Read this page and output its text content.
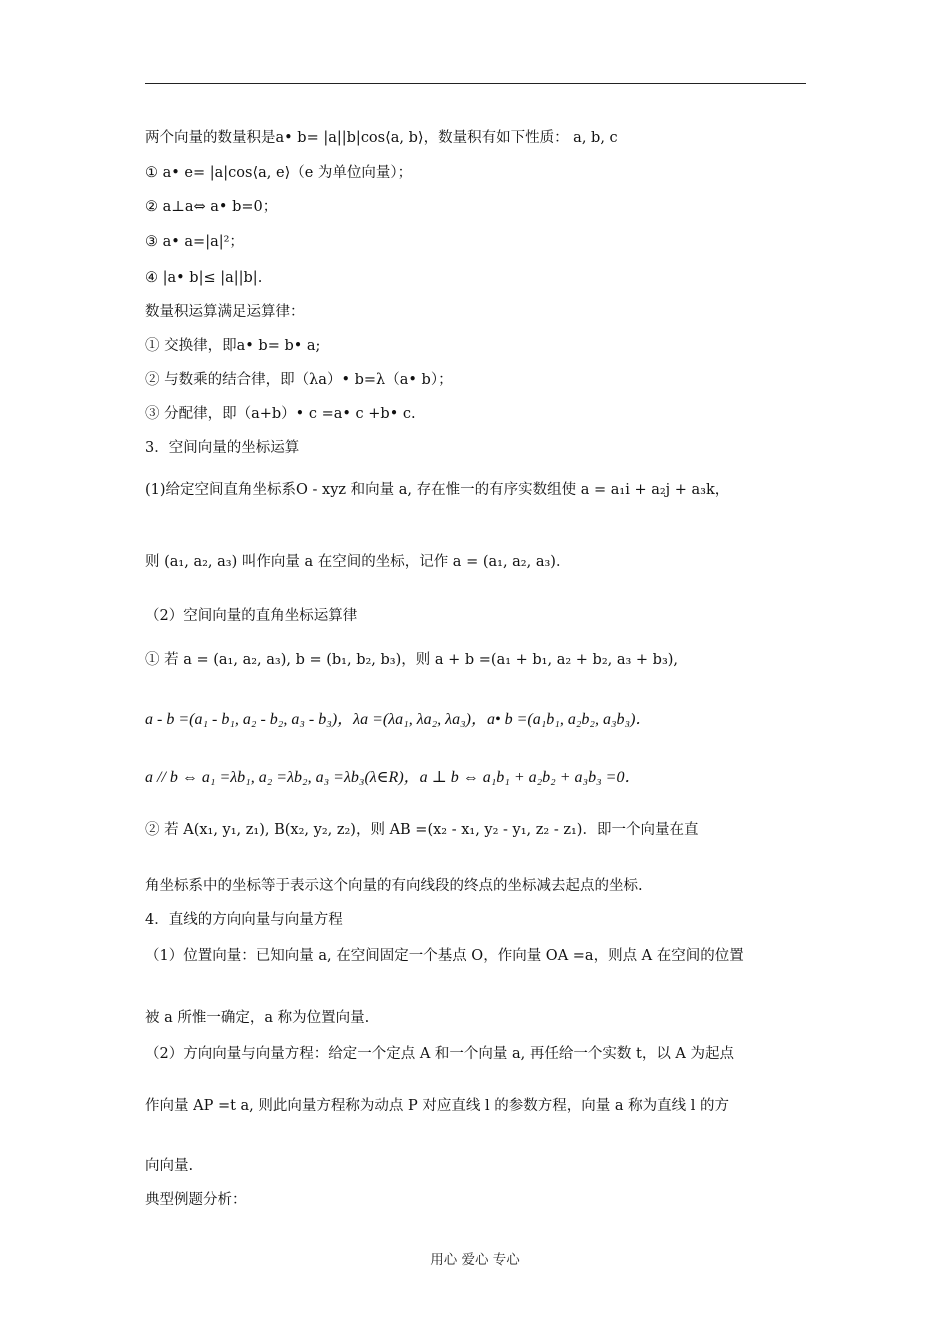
两个向量的数量积是a• b= |a||b|cos⟨a, b⟩，数量积有如下性质： a, b, c
① a• e= |a|cos⟨a, e⟩（e 为单位向量）；
② a⊥a⇔ a• b=0；
③ a• a=|a|²；
④ |a• b|≤ |a||b|.
数量积运算满足运算律：
① 交换律，即a• b= b• a;
② 与数乘的结合律，即（λa）• b=λ（a• b）；
③ 分配律，即（a+b）• c =a• c +b• c.
3．空间向量的坐标运算
(1)给定空间直角坐标系O - xyz 和向量 a, 存在惟一的有序实数组使 a = a₁i + a₂j + a₃k，
则 (a₁, a₂, a₃) 叫作向量 a 在空间的坐标，记作 a = (a₁, a₂, a₃)．
（2）空间向量的直角坐标运算律
① 若 a = (a₁, a₂, a₃), b = (b₁, b₂, b₃)，则 a + b =(a₁ + b₁, a₂ + b₂, a₃ + b₃),
a - b =(a₁ - b₁, a₂ - b₂, a₃ - b₃)，λa =(λa₁, λa₂, λa₃)，a• b =(a₁b₁, a₂b₂, a₃b₃)．
a // b ⇔ a₁ =λb₁, a₂ =λb₂, a₃ =λb₃(λ∈R)，a ⊥ b ⇔ a₁b₁ + a₂b₂ + a₃b₃ =0．
② 若 A(x₁, y₁, z₁), B(x₂, y₂, z₂)，则 AB =(x₂ - x₁, y₂ - y₁, z₂ - z₁)．即一个向量在直
角坐标系中的坐标等于表示这个向量的有向线段的终点的坐标减去起点的坐标.
4．直线的方向向量与向量方程
（1）位置向量：已知向量 a, 在空间固定一个基点 O，作向量 OA =a，则点 A 在空间的位置
被 a 所惟一确定，a 称为位置向量.
（2）方向向量与向量方程：给定一个定点 A 和一个向量 a, 再任给一个实数 t，以 A 为起点
作向量 AP =t a, 则此向量方程称为动点 P 对应直线 l 的参数方程，向量 a 称为直线 l 的方
向向量.
典型例题分析：
用心 爱心 专心
